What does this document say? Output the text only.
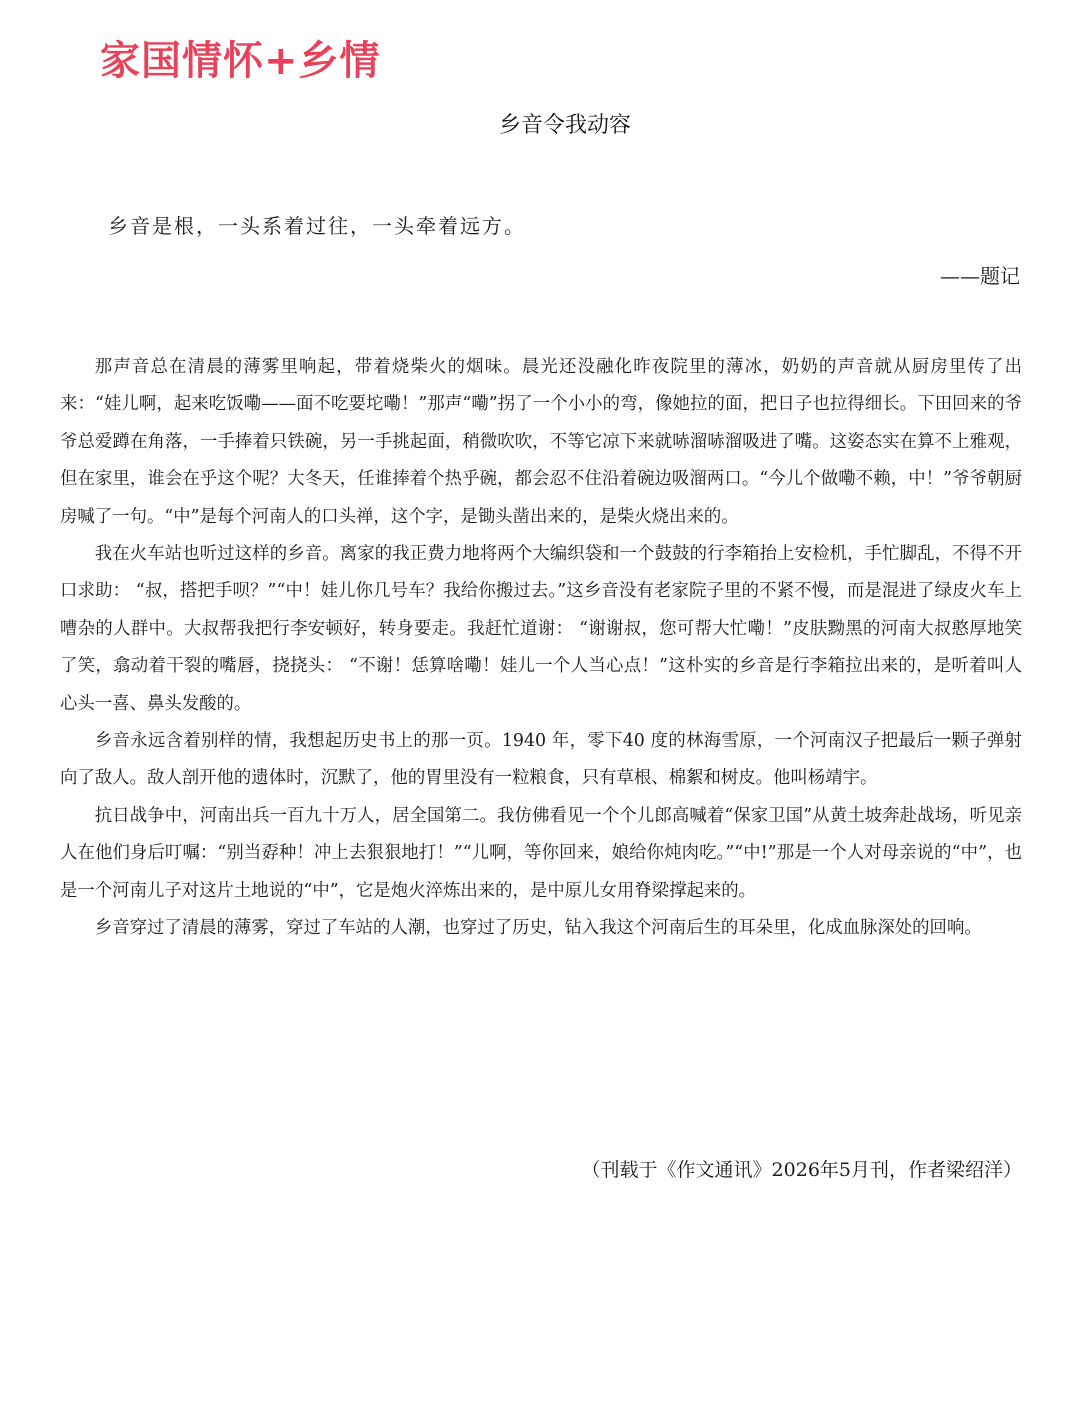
家国情怀+乡情
乡音令我动容
乡音是根，一头系着过往，一头牵着远方。
——题记

那声音总在清晨的薄雾里响起，带着烧柴火的烟味。晨光还没融化昨夜院里的薄冰，奶奶的声音就从厨房里传了出来：“娃儿啊，起来吃饭嘞——面不吃要坨嘞！”那声“嘞”拐了一个小小的弯，像她拉的面，把日子也拉得细长。下田回来的爷爷总爱蹲在角落，一手捧着只铁碗，另一手挑起面，稍微吹吹，不等它凉下来就哧溜哧溜吸进了嘴。这姿态实在算不上雅观， 但在家里，谁会在乎这个呢？大冬天，任谁捧着个热乎碗，都会忍不住沿着碗边吸溜两口。“今儿个做嘞不赖，中！”爷爷朝厨房喊了一句。“中”是每个河南人的口头禅，这个字，是锄头凿出来的，是柴火烧出来的。

我在火车站也听过这样的乡音。离家的我正费力地将两个大编织袋和一个鼓鼓的行李箱抬上安检机，手忙脚乱，不得不开口求助： “叔，搭把手呗？”“中！娃儿你几号车？我给你搬过去。”这乡音没有老家院子里的不紧不慢，而是混进了绿皮火车上嘈杂的人群中。大叔帮我把行李安顿好，转身要走。我赶忙道谢： “谢谢叔，您可帮大忙嘞！”皮肤黝黑的河南大叔憨厚地笑了笑，翕动着干裂的嘴唇，挠挠头： “不谢！恁算啥嘞！娃儿一个人当心点！”这朴实的乡音是行李箱拉出来的，是听着叫人心头一喜、鼻头发酸的。

乡音永远含着别样的情，我想起历史书上的那一页。1940 年，零下40 度的林海雪原，一个河南汉子把最后一颗子弹射向了敌人。敌人剖开他的遗体时，沉默了，他的胃里没有一粒粮食，只有草根、棉絮和树皮。他叫杨靖宇。

抗日战争中，河南出兵一百九十万人，居全国第二。我仿佛看见一个个儿郎高喊着“保家卫国”从黄土坡奔赴战场，听见亲人在他们身后叮嘱：“别当孬种！冲上去狠狠地打！”“儿啊，等你回来，娘给你炖肉吃。”“中!”那是一个人对母亲说的“中”，也是一个河南儿子对这片土地说的“中”，它是炮火淬炼出来的，是中原儿女用脊梁撑起来的。

乡音穿过了清晨的薄雾，穿过了车站的人潮，也穿过了历史，钻入我这个河南后生的耳朵里，化成血脉深处的回响。

（刊载于《作文通讯》2026年5月刊，作者梁绍洋）
